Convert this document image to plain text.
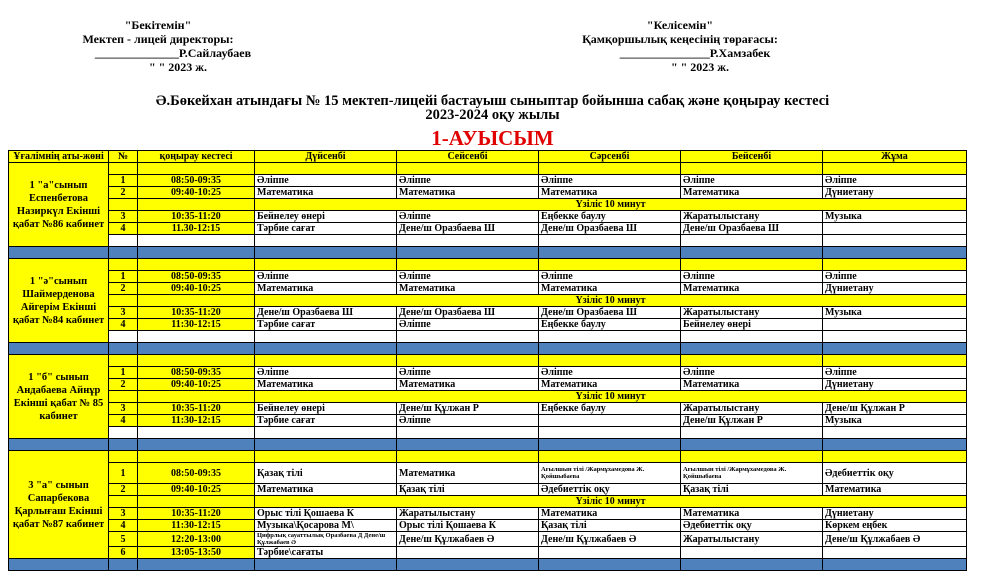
"Бекітемін"
Мектеп - лицей директоры:
______________Р.Сайлаубаев
" " 2023 ж.
"Келісемін"
Қамқоршылық кеңесінің төрағасы:
_______________Р.Хамзабек
" " 2023 ж.
Ә.Бөкейхан атындағы № 15 мектеп-лицейі бастауыш сыныптар бойынша сабақ және қоңырау кестесі
2023-2024 оқу жылы
1-АУЫСЫМ
Ұғалімнің аты-жөні	№	қоңырау кестесі	Дүйсенбі	Сейсенбі	Сәрсенбі	Бейсенбі	Жұма
1 "а"сынып Еспенбетова Назиркүл Екінші қабат №86 кабинет							
	1	08:50-09:35	Әліппе	Әліппе	Әліппе	Әліппе	Әліппе
	2	09:40-10:25	Математика	Математика	Математика	Математика	Дүниетану
			Үзіліс 10 минут				
	3	10:35-11:20	Бейнелеу өнері	Әліппе	Еңбекке баулу	Жаратылыстану	Музыка
	4	11.30-12:15	Тәрбие сағат	Дене/ш Оразбаева Ш	Дене/ш Оразбаева Ш	Дене/ш Оразбаева Ш	

1 "ә"сынып Шаймерденова Айгерім Екінші қабат №84 кабинет							
	1	08:50-09:35	Әліппе	Әліппе	Әліппе	Әліппе	Әліппе
	2	09:40-10:25	Математика	Математика	Математика	Математика	Дүниетану
			Үзіліс 10 минут				
	3	10:35-11:20	Дене/ш Оразбаева Ш	Дене/ш Оразбаева Ш	Дене/ш Оразбаева Ш	Жаратылыстану	Музыка
	4	11:30-12:15	Тәрбие сағат	Әліппе	Еңбекке баулу	Бейнелеу өнері	

1 "б" сынып Андабаева Айнұр Екінші қабат № 85 кабинет							
	1	08:50-09:35	Әліппе	Әліппе	Әліппе	Әліппе	Әліппе
	2	09:40-10:25	Математика	Математика	Математика	Математика	Дүниетану
			Үзіліс 10 минут				
	3	10:35-11:20	Бейнелеу өнері	Дене/ш Құлжан Р	Еңбекке баулу	Жаратылыстану	Дене/ш Құлжан Р
	4	11:30-12:15	Тәрбие сағат	Әліппе		Дене/ш Құлжан Р	Музыка

3 "а" сынып Сапарбекова Қарлығаш Екінші қабат №87 кабинет							
	1	08:50-09:35	Қазақ тілі	Математика	Ағылшын тілі /Жармұхамедова Ж. Қойшыбаева	Ағылшын тілі /Жармұхамедова Ж. Қойшыбаева	Әдебиеттік оқу
	2	09:40-10:25	Математика	Қазақ тілі	Әдебиеттік оқу	Қазақ тілі	Математика
			Үзіліс 10 минут				
	3	10:35-11:20	Орыс тілі Қошаева К	Жаратылыстану	Математика	Математика	Дүниетану
	4	11:30-12:15	Музыка\Қосарова М\	Орыс тілі Қошаева К	Қазақ тілі	Әдебиеттік оқу	Көркем еңбек
	5	12:20-13:00	Цифрлық сауаттылық Оразбаева Д Дене/ш Құлжабаев Ә	Дене/ш Құлжабаев Ә	Дене/ш Құлжабаев Ә	Жаратылыстану	Дене/ш Құлжабаев Ә
	6	13:05-13:50	Тәрбие\сағаты				
